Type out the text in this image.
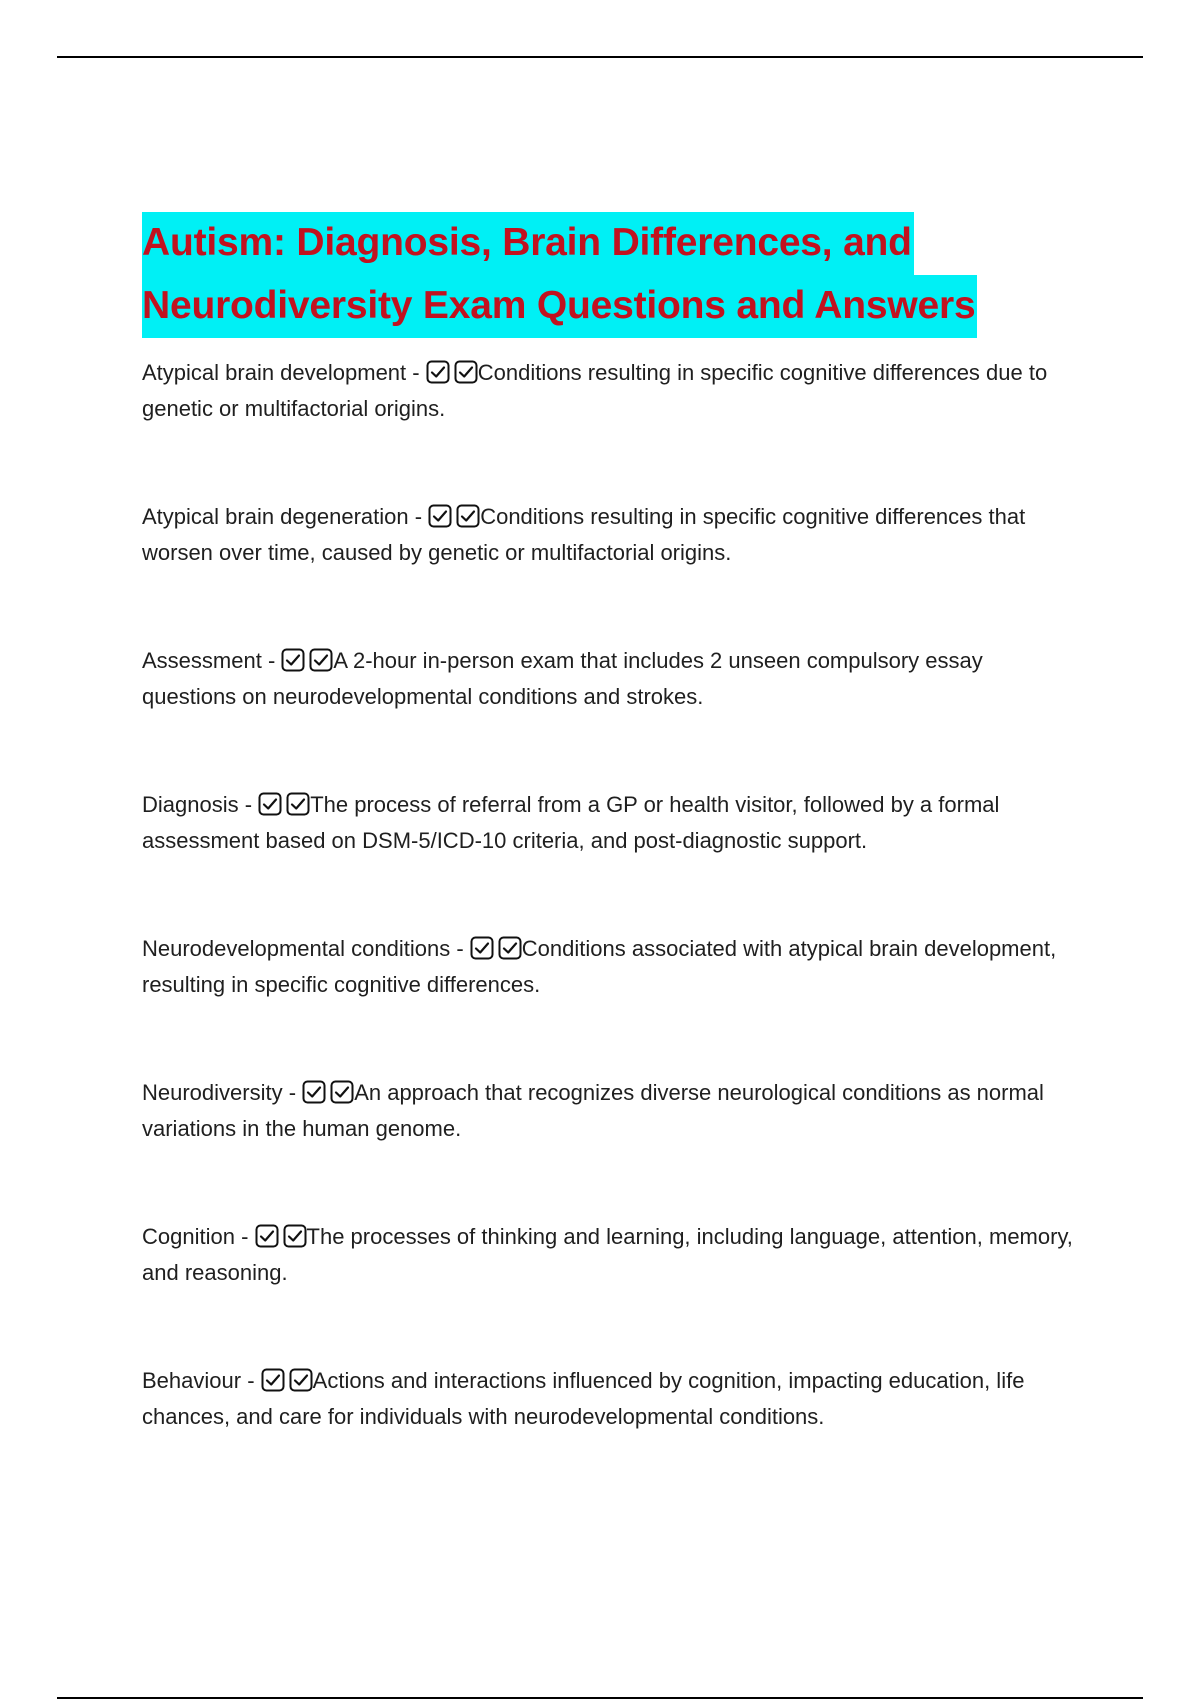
Autism: Diagnosis, Brain Differences, and
Neurodiversity Exam Questions and Answers
Atypical brain development -	Conditions resulting in specific cognitive differences due to genetic or multifactorial origins.
Atypical brain degeneration -	Conditions resulting in specific cognitive differences that worsen over time, caused by genetic or multifactorial origins.
Assessment -	A 2-hour in-person exam that includes 2 unseen compulsory essay questions on neurodevelopmental conditions and strokes.
Diagnosis -	The process of referral from a GP or health visitor, followed by a formal assessment based on DSM-5/ICD-10 criteria, and post-diagnostic support.
Neurodevelopmental conditions -	Conditions associated with atypical brain development, resulting in specific cognitive differences.
Neurodiversity -	An approach that recognizes diverse neurological conditions as normal variations in the human genome.
Cognition -	The processes of thinking and learning, including language, attention, memory, and reasoning.
Behaviour -	Actions and interactions influenced by cognition, impacting education, life chances, and care for individuals with neurodevelopmental conditions.
